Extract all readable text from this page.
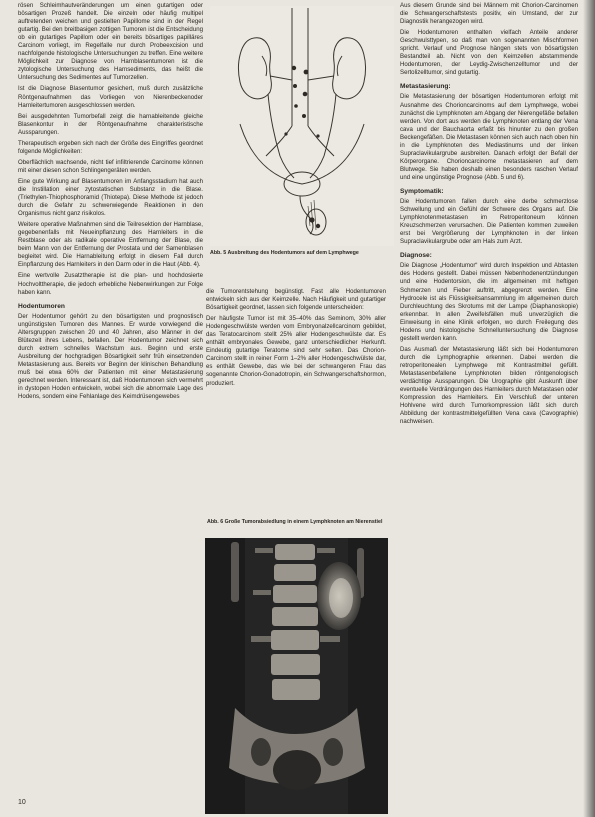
rösen Schleimhautveränderungen um einen gutartigen oder bösartigen Prozeß handelt. Die einzeln oder häufig multipel auftretenden weichen und gestielten Papillome sind in der Regel gutartig. Bei den breitbasigen zottigen Tumoren ist die Entscheidung ob ein gutartiges Papillom oder ein bereits bösartiges papilläres Carcinom vorliegt, im Regelfalle nur durch Probeexcision und nachfolgende histologische Untersuchungen zu treffen. Eine weitere Möglichkeit zur Diagnose von Harnblasentumoren ist die zytologische Untersuchung des Harnsediments, das heißt die Untersuchung des Sedimentes auf Tumorzellen.

Ist die Diagnose Blasentumor gesichert, muß durch zusätzliche Röntgenaufnahmen das Vorliegen von Nierenbeckenoder Harnleitertumoren ausgeschlossen werden.

Bei ausgedehnten Tumorbefall zeigt die harnableitende gleiche Blasenkontur in der Röntgenaufnahme charakteristische Aussparungen.

Therapeutisch ergeben sich nach der Größe des Eingriffes geordnet folgende Möglichkeiten:

Oberflächlich wachsende, nicht tief infiltrierende Carcinome können mit einer diesen schon Schlingengeräten werden.

Eine gute Wirkung auf Blasentumoren im Anfangsstadium hat auch die Instillation einer zytostatischen Substanz in die Blase. (Triethylen-Thiophosphoramid (Thiotepa). Diese Methode ist jedoch durch die Gefahr zu schwerwiegende Reaktionen in den Organismus nicht ganz risikolos.

Weitere operative Maßnahmen sind die Teilresektion der Harnblase, gegebenenfalls mit Neueinpflanzung des Harnleiters in die Restblase oder als radikale operative Entfernung der Blase, die beim Mann von der Entfernung der Prostata und der Samenblasen begleitet wird. Die Harnableitung erfolgt in diesem Fall durch Einpflanzung des Harnleiters in den Darm oder in die Haut (Abb. 4).

Eine wertvolle Zusatztherapie ist die plan- und hochdosierte Hochvolttherapie, die jedoch erhebliche Nebenwirkungen zur Folge haben kann.

Hodentumoren

Der Hodentumor gehört zu den bösartigsten und prognostisch ungünstigsten Tumoren des Mannes. Er wurde vorwiegend die Altersgruppen zwischen 20 und 40 Jahren, also Männer in der Blütezeit ihres Lebens, befallen. Der Hodentumor zeichnet sich durch extrem schnelles Wachstum aus. Beginn und erste Ausbreitung der hochgradigen Bösartigkeit sehr früh einsetzenden Metastasierung aus. Bereits vor Beginn der klinischen Behandlung muß bei etwa 60% der Patienten mit einer Metastasierung gerechnet werden. Interessant ist, daß Hodentumoren sich vermehrt in dystopen Hoden entwickeln, wobei sich die abnormale Lage des Hodens, sondern eine Fehlanlage des Keimdrüsengewebes

Abb. 5 Ausbreitung des Hodentumors auf dem Lymphwege

die Tumorentstehung begünstigt. Fast alle Hodentumoren entwickeln sich aus der Keimzelle. Nach Häufigkeit und gutartiger Bösartigkeit geordnet, lassen sich folgende unterscheiden:

Der häufigste Tumor ist mit 35–40% das Seminom, 30% aller Hodengeschwülste werden vom Embryonalzellcarcinom gebildet, das Teratocarcinom stellt 25% aller Hodengeschwülste dar. Es enthält embryonales Gewebe, ganz unterschiedlicher Herkunft. Eindeutig gutartige Teratome sind sehr selten. Das Chorion-Carcinom stellt in reiner Form 1–2% aller Hodengeschwülste dar, es enthält Gewebe, das wie bei der schwangeren Frau das sogenannte Chorion-Gonadotropin, ein Schwangerschaftshormon, produziert.

Abb. 6 Große Tumorabsiedlung in einem Lymphknoten am Nierenstiel

Aus diesem Grunde sind bei Männern mit Chorion-Carcinomen die Schwangerschaftstests positiv, ein Umstand, der zur Diagnostik herangezogen wird.

Die Hodentumoren enthalten vielfach Anteile anderer Geschwulsttypen, so daß man von sogenannten Mischformen spricht. Verlauf und Prognose hängen stets von bösartigsten Bestandteil ab. Nicht von den Keimzellen abstammende Hodentumoren, der Leydig-Zwischenzelltumor und der Sertolizelltumor, sind gutartig.

Metastasierung:

Die Metastasierung der bösartigen Hodentumoren erfolgt mit Ausnahme des Chorioncarcinoms auf dem Lymphwege, wobei zunächst die Lymphknoten am Abgang der Nierengefäße befallen werden. Von dort aus werden die Lymphknoten entlang der Vena cava und der Bauchaorta erfaßt bis hinunter zu den großen Beckengefäßen. Die Metastasen können sich auch nach oben hin in die Lymphknoten des Mediastinums und der linken Supraclavikulargrube ausbreiten. Danach erfolgt der Befall der Körperorgane. Chorioncarcinome metastasieren auf dem Blutwege. Sie haben deshalb einen besonders raschen Verlauf und eine ungünstige Prognose (Abb. 5 und 6).

Symptomatik:

Die Hodentumoren fallen durch eine derbe schmerzlose Schwellung und ein Gefühl der Schwere des Organs auf. Die Lymphknotenmetastasen im Retroperitoneum können Kreuzschmerzen verursachen. Die Patienten kommen zuweilen erst bei Vergrößerung der Lymphknoten in der linken Supraclavikulargrube oder am Hals zum Arzt.

Diagnose:

Die Diagnose „Hodentumor“ wird durch Inspektion und Abtasten des Hodens gestellt. Dabei müssen Nebenhodenentzündungen und eine Hodentorsion, die im allgemeinen mit heftigen Schmerzen und Fieber auftritt, abgegrenzt werden. Eine Hydrocele ist als Flüssigkeitsansammlung im allgemeinen durch Durchleuchtung des Skrotums mit der Lampe (Diaphanoskopie) erkennbar. In allen Zweifelsfällen muß unverzüglich die Einweisung in eine Klinik erfolgen, wo durch Freilegung des Hodens und histologische Schnelluntersuchung die Diagnose gestellt werden kann.

Das Ausmaß der Metastasierung läßt sich bei Hodentumoren durch die Lymphographie erkennen. Dabei werden die retroperitonealen Lymphwege mit Kontrastmittel gefüllt. Metastasenbefallene Lymphknoten bilden röntgenologisch verdächtige Aussparungen. Die Urographie gibt Auskunft über eventuelle Verdrängungen des Harnleiters durch Metastasen oder Kompression des Harnleiters. Ein Verschluß der unteren Hohlvene wird durch Tumorkompression läßt sich durch Abbildung der kontrastmittelgefüllten Vena cava (Cavographie) nachweisen.

10
